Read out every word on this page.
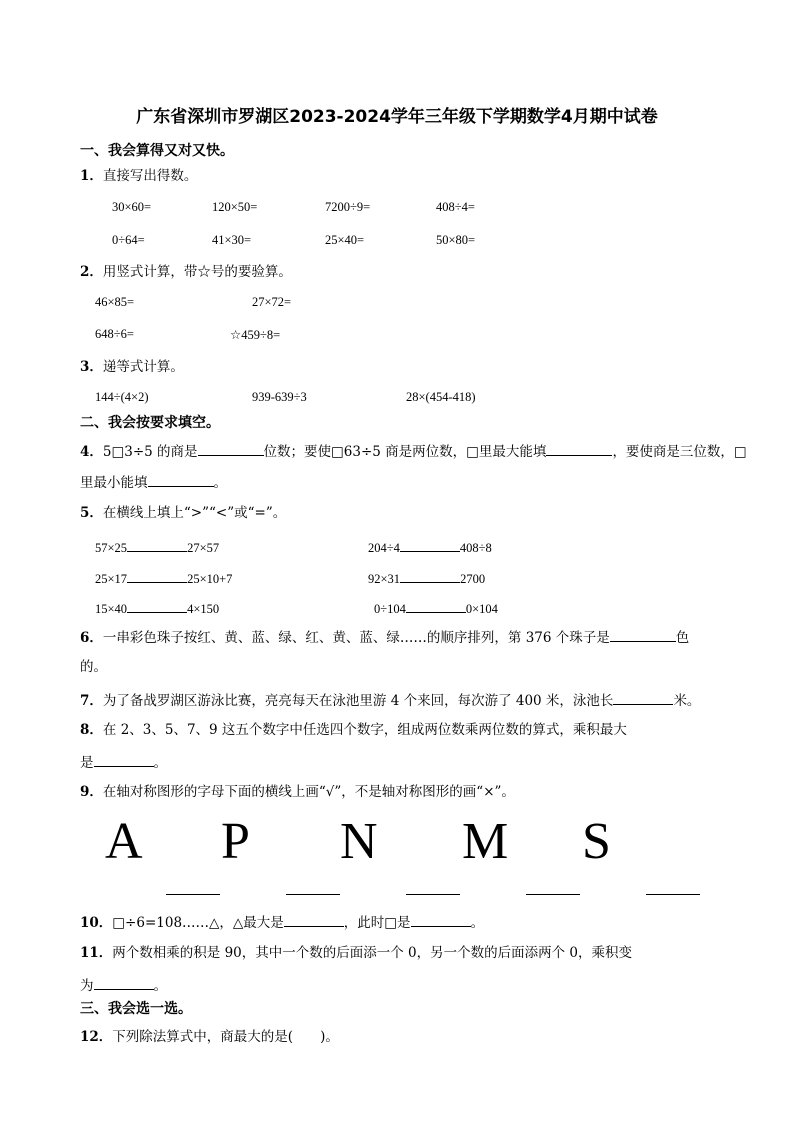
广东省深圳市罗湖区2023-2024学年三年级下学期数学4月期中试卷
一、我会算得又对又快。
1．直接写出得数。
30×60=	120×50=	7200÷9=	408÷4=
0÷64=	41×30=	25×40=	50×80=
2．用竖式计算，带☆号的要验算。
46×85=	27×72=
648÷6=	☆459÷8=
3．递等式计算。
144÷(4×2)	939-639÷3	28×(454-418)
二、我会按要求填空。
4．5□3÷5 的商是	位数；要使□63÷5 商是两位数，□里最大能填	，要使商是三位数，□
里最小能填	。
5．在横线上填上“>”“<”或“=”。
57×25	27×57	204÷4	408÷8
25×17	25×10+7	92×31	2700
15×40	4×150	0÷104	0×104
6．一串彩色珠子按红、黄、蓝、绿、红、黄、蓝、绿……的顺序排列，第 376 个珠子是	色
的。
7．为了备战罗湖区游泳比赛，亮亮每天在泳池里游 4 个来回，每次游了 400 米，泳池长	米。
8．在 2、3、5、7、9 这五个数字中任选四个数字，组成两位数乘两位数的算式，乘积最大
是	。
9．在轴对称图形的字母下面的横线上画“√”，不是轴对称图形的画“×”。
A P N M S
10．□÷6=108……△，△最大是	，此时□是	。
11．两个数相乘的积是 90，其中一个数的后面添一个 0，另一个数的后面添两个 0，乘积变
为	。
三、我会选一选。
12．下列除法算式中，商最大的是(　　)。
